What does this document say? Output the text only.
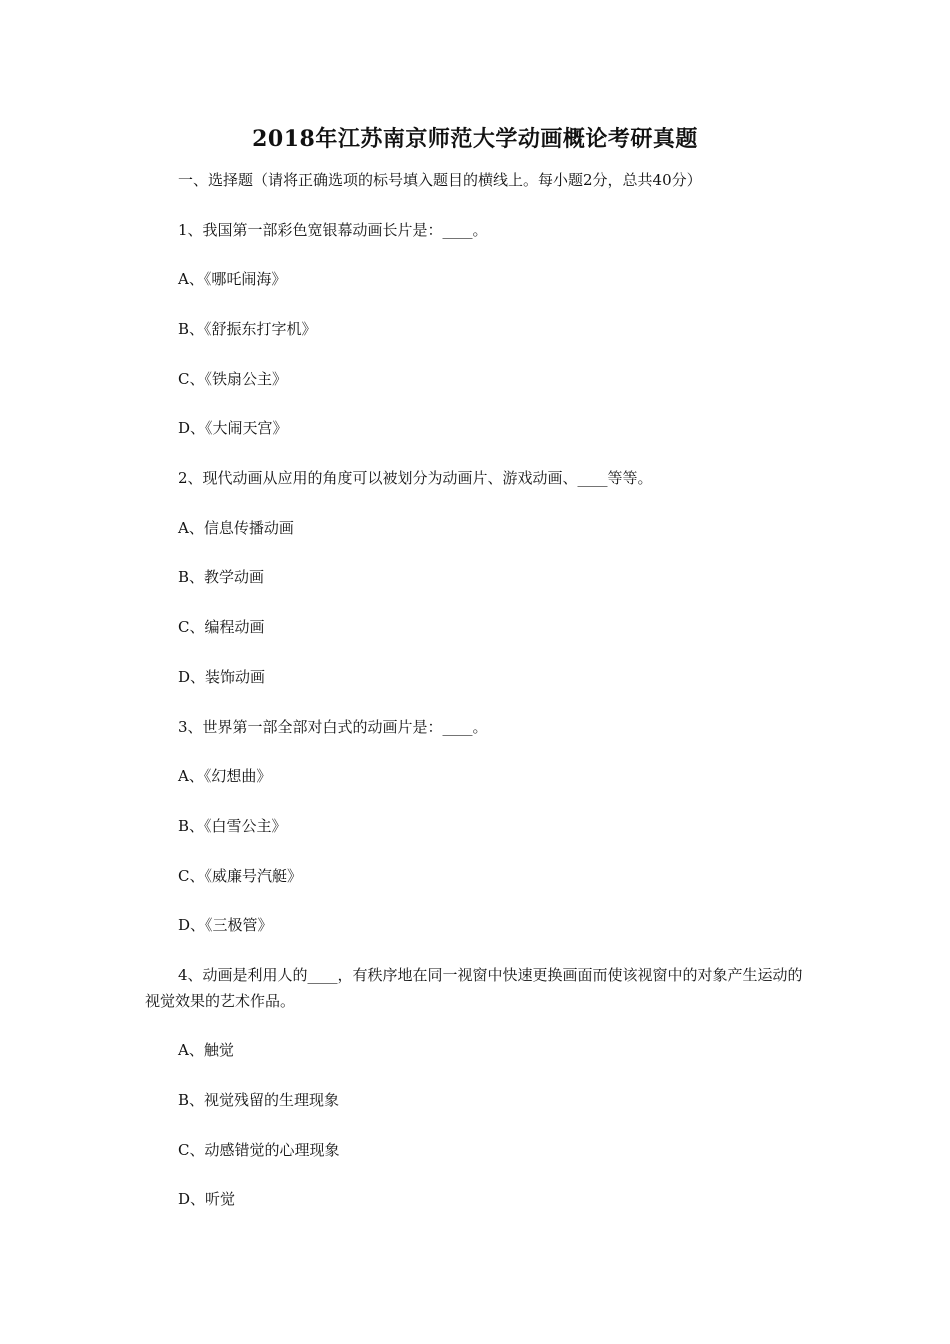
2018年江苏南京师范大学动画概论考研真题
一、选择题（请将正确选项的标号填入题目的横线上。每小题2分，总共40分）
1、我国第一部彩色宽银幕动画长片是：____。
A、《哪吒闹海》
B、《舒振东打字机》
C、《铁扇公主》
D、《大闹天宫》
2、现代动画从应用的角度可以被划分为动画片、游戏动画、____等等。
A、信息传播动画
B、教学动画
C、编程动画
D、装饰动画
3、世界第一部全部对白式的动画片是：____。
A、《幻想曲》
B、《白雪公主》
C、《威廉号汽艇》
D、《三极管》
4、动画是利用人的____，有秩序地在同一视窗中快速更换画面而使该视窗中的对象产生运动的视觉效果的艺术作品。
A、触觉
B、视觉残留的生理现象
C、动感错觉的心理现象
D、听觉
